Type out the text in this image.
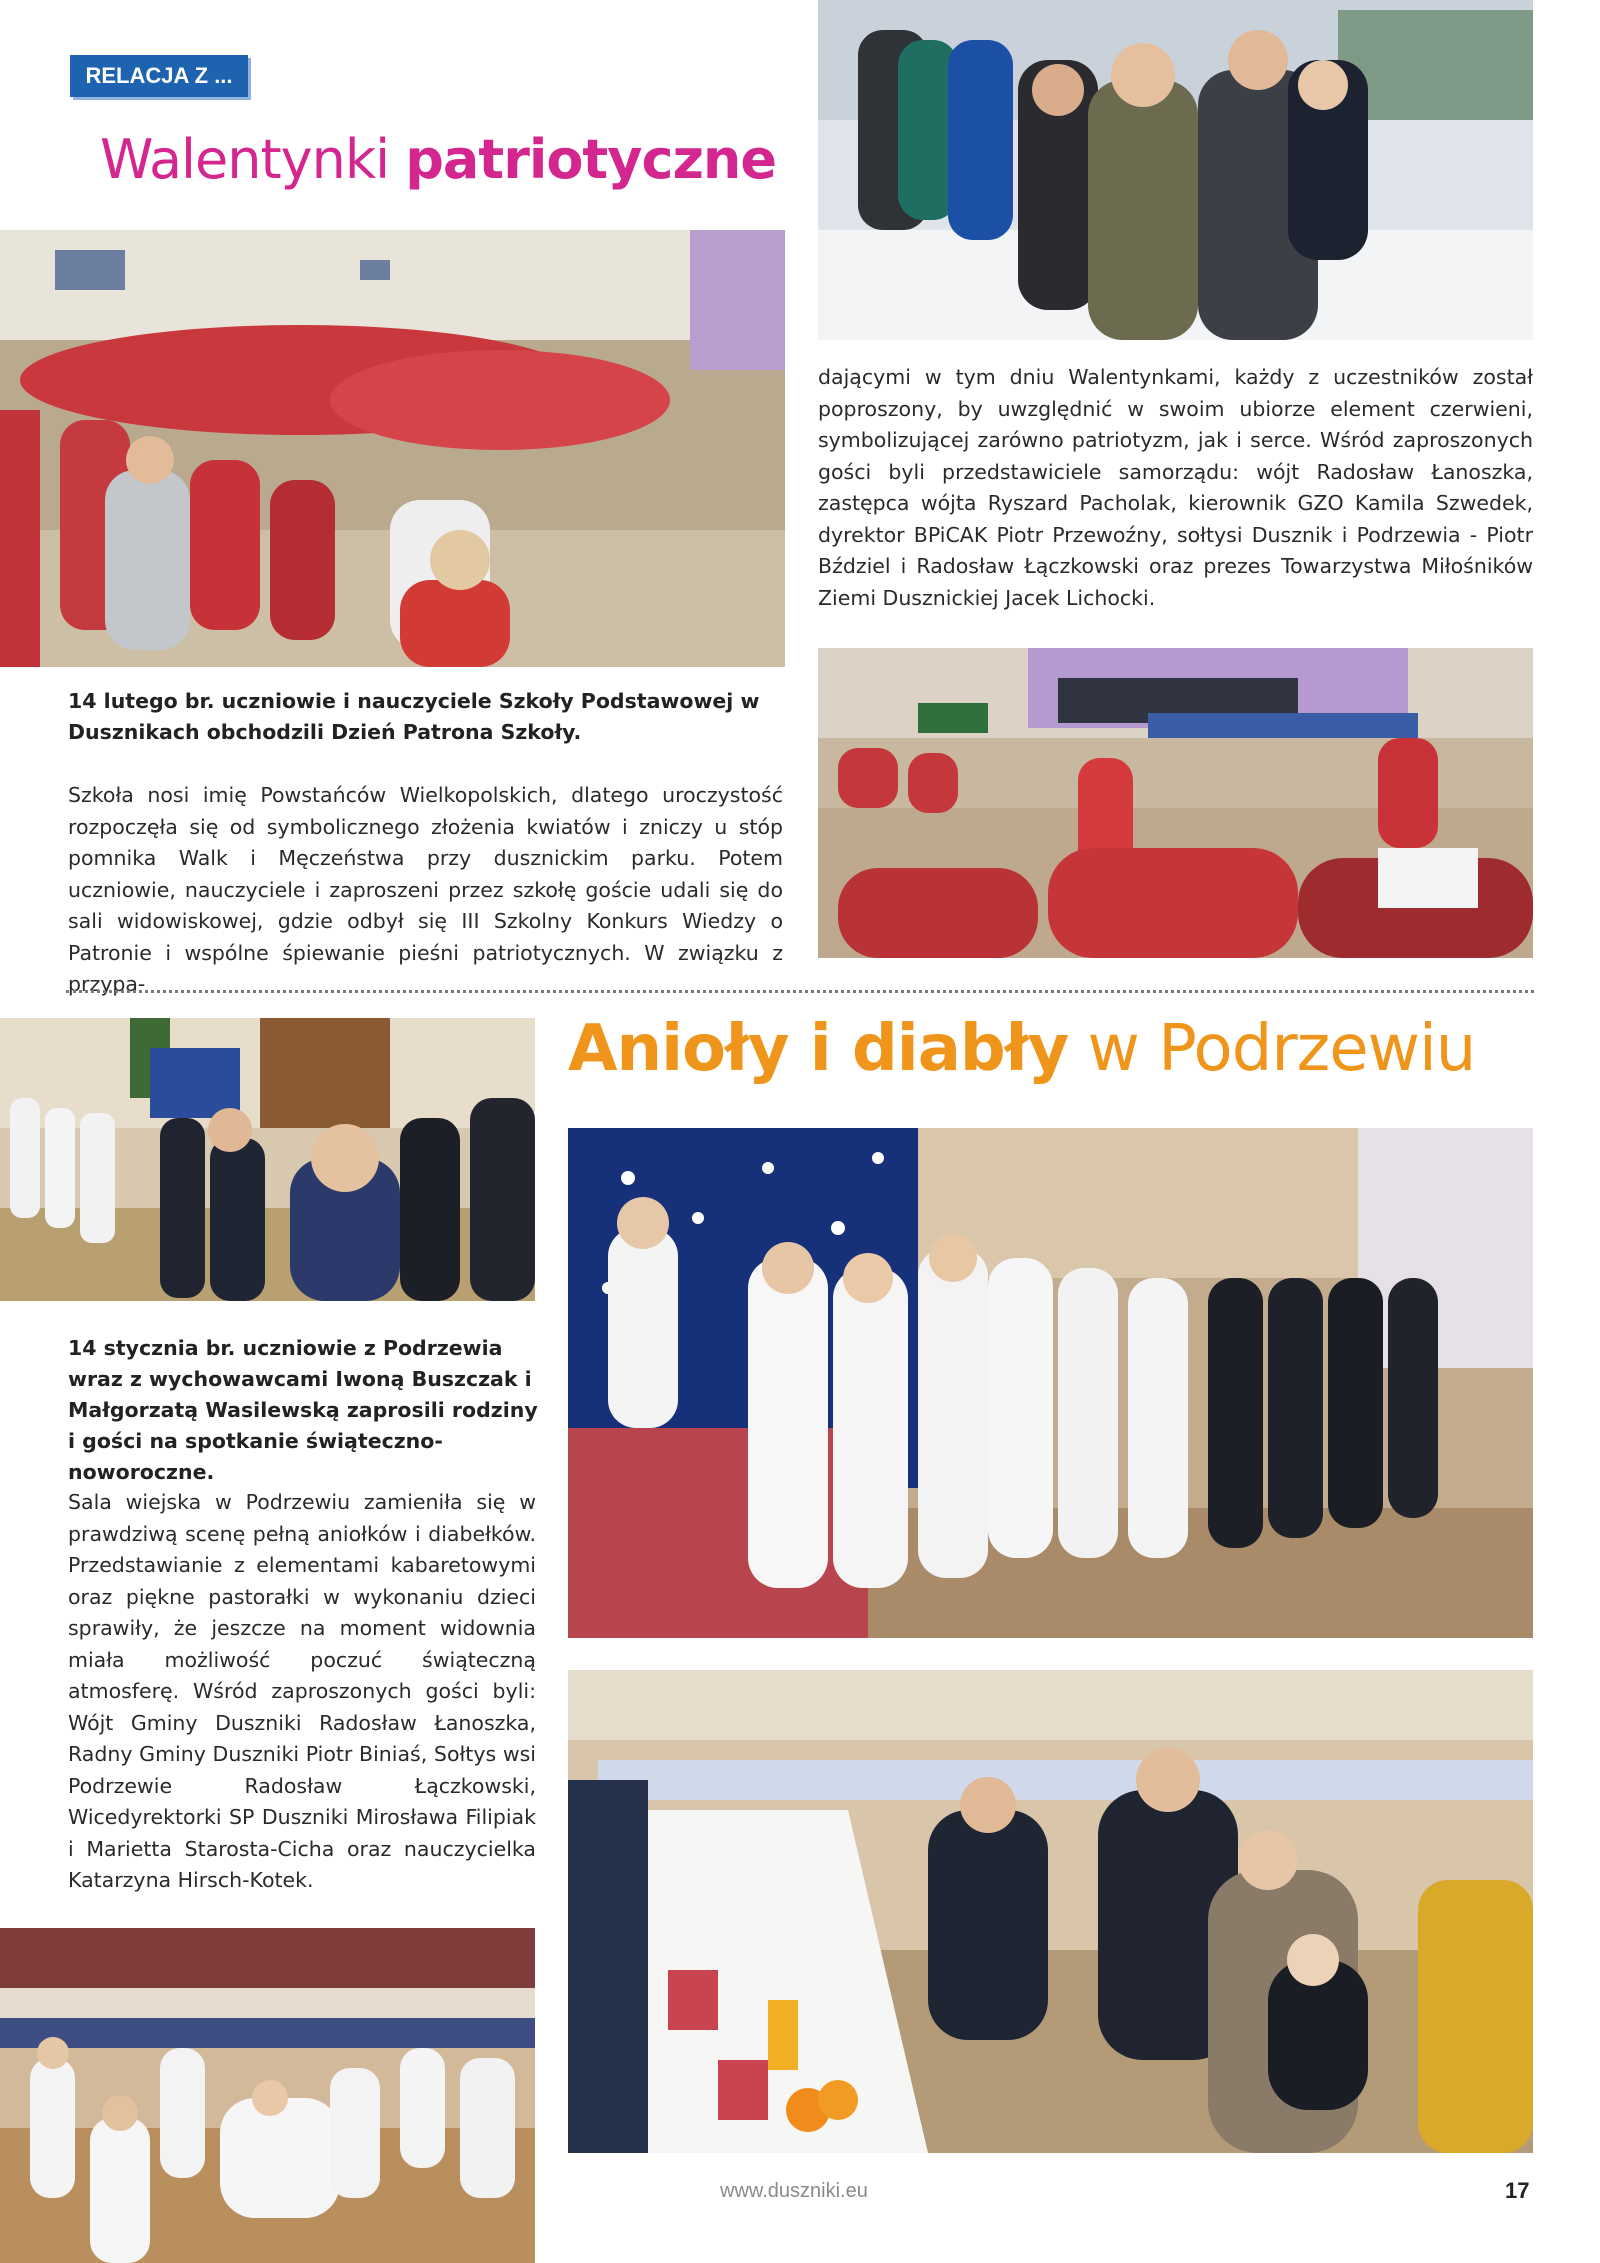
RELACJA Z ...
Walentynki patriotyczne
14 lutego br. uczniowie i nauczyciele Szkoły Podstawowej w Dusznikach obchodzili Dzień Patrona Szkoły.
Szkoła nosi imię Powstańców Wielkopolskich, dlatego uroczystość rozpoczęła się od symbolicznego złożenia kwiatów i zniczy u stóp pomnika Walk i Męczeństwa przy dusznickim parku. Potem uczniowie, nauczyciele i zaproszeni przez szkołę goście udali się do sali widowiskowej, gdzie odbył się III Szkolny Konkurs Wiedzy o Patronie i wspólne śpiewanie pieśni patriotycznych. W związku z przypa-
dającymi w tym dniu Walentynkami, każdy z uczestników został poproszony, by uwzględnić w swoim ubiorze element czerwieni, symbolizującej zarówno patriotyzm, jak i serce. Wśród zaproszonych gości byli przedstawiciele samorządu: wójt Radosław Łanoszka, zastępca wójta Ryszard Pacholak, kierownik GZO Kamila Szwedek, dyrektor BPiCAK Piotr Przewoźny, sołtysi Dusznik i Podrzewia - Piotr Bździel i Radosław Łączkowski oraz prezes Towarzystwa Miłośników Ziemi Dusznickiej Jacek Lichocki.
Anioły i diabły w Podrzewiu
14 stycznia br. uczniowie z Podrzewia wraz z wychowawcami Iwoną Buszczak i Małgorzatą Wasilewską zaprosili rodziny i gości na spotkanie świąteczno-noworoczne.
Sala wiejska w Podrzewiu zamieniła się w prawdziwą scenę pełną aniołków i diabełków. Przedstawianie z elementami kabaretowymi oraz piękne pastorałki w wykonaniu dzieci sprawiły, że jeszcze na moment widownia miała możliwość poczuć świąteczną atmosferę. Wśród zaproszonych gości byli: Wójt Gminy Duszniki Radosław Łanoszka, Radny Gminy Duszniki Piotr Biniaś, Sołtys wsi Podrzewie Radosław Łączkowski, Wicedyrektorki SP Duszniki Mirosława Filipiak i Marietta Starosta-Cicha oraz nauczycielka Katarzyna Hirsch-Kotek.
www.duszniki.eu	17
